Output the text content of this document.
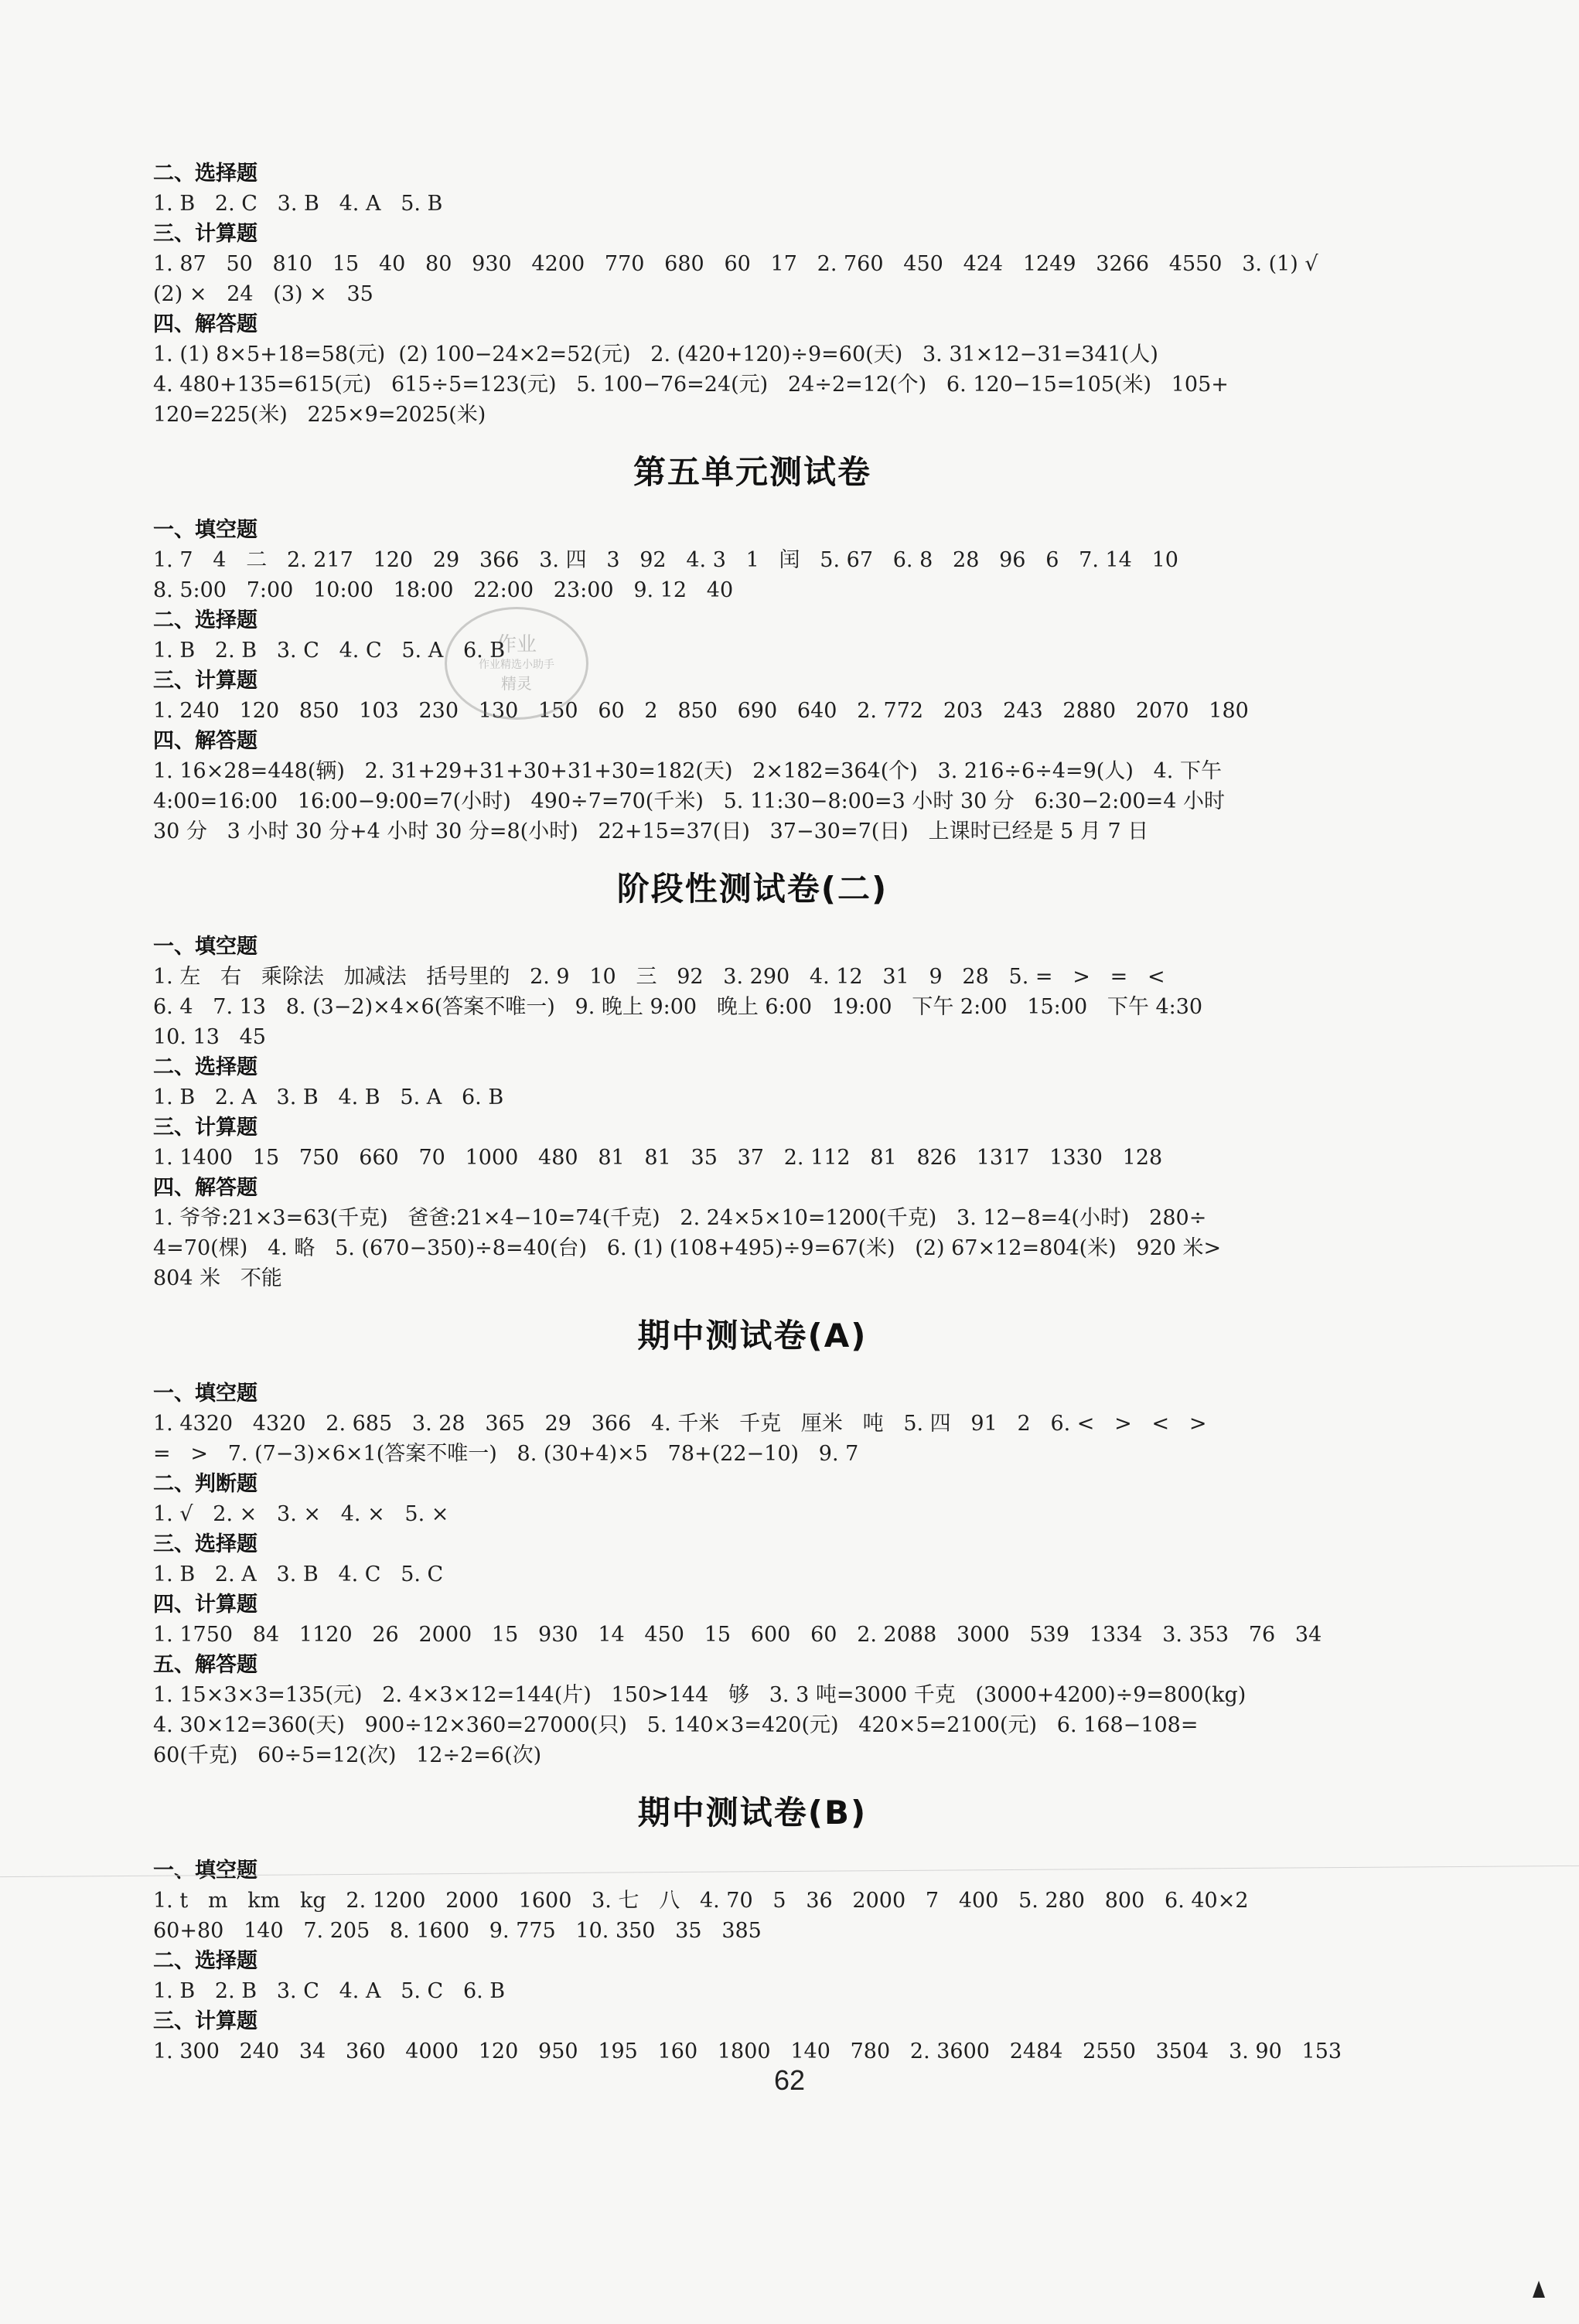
二、选择题
1. B   2. C   3. B   4. A   5. B
三、计算题
1. 87   50   810   15   40   80   930   4200   770   680   60   17   2. 760   450   424   1249   3266   4550   3. (1) √
(2) ×   24   (3) ×   35
四、解答题
1. (1) 8×5+18=58(元)  (2) 100−24×2=52(元)   2. (420+120)÷9=60(天)   3. 31×12−31=341(人)
4. 480+135=615(元)   615÷5=123(元)   5. 100−76=24(元)   24÷2=12(个)   6. 120−15=105(米)   105+
120=225(米)   225×9=2025(米)
第五单元测试卷
一、填空题
1. 7   4   二   2. 217   120   29   366   3. 四   3   92   4. 3   1   闰   5. 67   6. 8   28   96   6   7. 14   10
8. 5:00   7:00   10:00   18:00   22:00   23:00   9. 12   40
二、选择题
1. B   2. B   3. C   4. C   5. A   6. B
三、计算题
1. 240   120   850   103   230   130   150   60   2   850   690   640   2. 772   203   243   2880   2070   180
四、解答题
1. 16×28=448(辆)   2. 31+29+31+30+31+30=182(天)   2×182=364(个)   3. 216÷6÷4=9(人)   4. 下午
4:00=16:00   16:00−9:00=7(小时)   490÷7=70(千米)   5. 11:30−8:00=3 小时 30 分   6:30−2:00=4 小时
30 分   3 小时 30 分+4 小时 30 分=8(小时)   22+15=37(日)   37−30=7(日)   上课时已经是 5 月 7 日
阶段性测试卷(二)
一、填空题
1. 左   右   乘除法   加减法   括号里的   2. 9   10   三   92   3. 290   4. 12   31   9   28   5. =   >   =   <
6. 4   7. 13   8. (3−2)×4×6(答案不唯一)   9. 晚上 9:00   晚上 6:00   19:00   下午 2:00   15:00   下午 4:30
10. 13   45
二、选择题
1. B   2. A   3. B   4. B   5. A   6. B
三、计算题
1. 1400   15   750   660   70   1000   480   81   81   35   37   2. 112   81   826   1317   1330   128
四、解答题
1. 爷爷:21×3=63(千克)   爸爸:21×4−10=74(千克)   2. 24×5×10=1200(千克)   3. 12−8=4(小时)   280÷
4=70(棵)   4. 略   5. (670−350)÷8=40(台)   6. (1) (108+495)÷9=67(米)   (2) 67×12=804(米)   920 米>
804 米   不能
期中测试卷(A)
一、填空题
1. 4320   4320   2. 685   3. 28   365   29   366   4. 千米   千克   厘米   吨   5. 四   91   2   6. <   >   <   >
=   >   7. (7−3)×6×1(答案不唯一)   8. (30+4)×5   78+(22−10)   9. 7
二、判断题
1. √   2. ×   3. ×   4. ×   5. ×
三、选择题
1. B   2. A   3. B   4. C   5. C
四、计算题
1. 1750   84   1120   26   2000   15   930   14   450   15   600   60   2. 2088   3000   539   1334   3. 353   76   34
五、解答题
1. 15×3×3=135(元)   2. 4×3×12=144(片)   150>144   够   3. 3 吨=3000 千克   (3000+4200)÷9=800(kg)
4. 30×12=360(天)   900÷12×360=27000(只)   5. 140×3=420(元)   420×5=2100(元)   6. 168−108=
60(千克)   60÷5=12(次)   12÷2=6(次)
期中测试卷(B)
一、填空题
1. t   m   km   kg   2. 1200   2000   1600   3. 七   八   4. 70   5   36   2000   7   400   5. 280   800   6. 40×2
60+80   140   7. 205   8. 1600   9. 775   10. 350   35   385
二、选择题
1. B   2. B   3. C   4. A   5. C   6. B
三、计算题
1. 300   240   34   360   4000   120   950   195   160   1800   140   780   2. 3600   2484   2550   3504   3. 90   153
作业
作业精选小助手
精灵
62
